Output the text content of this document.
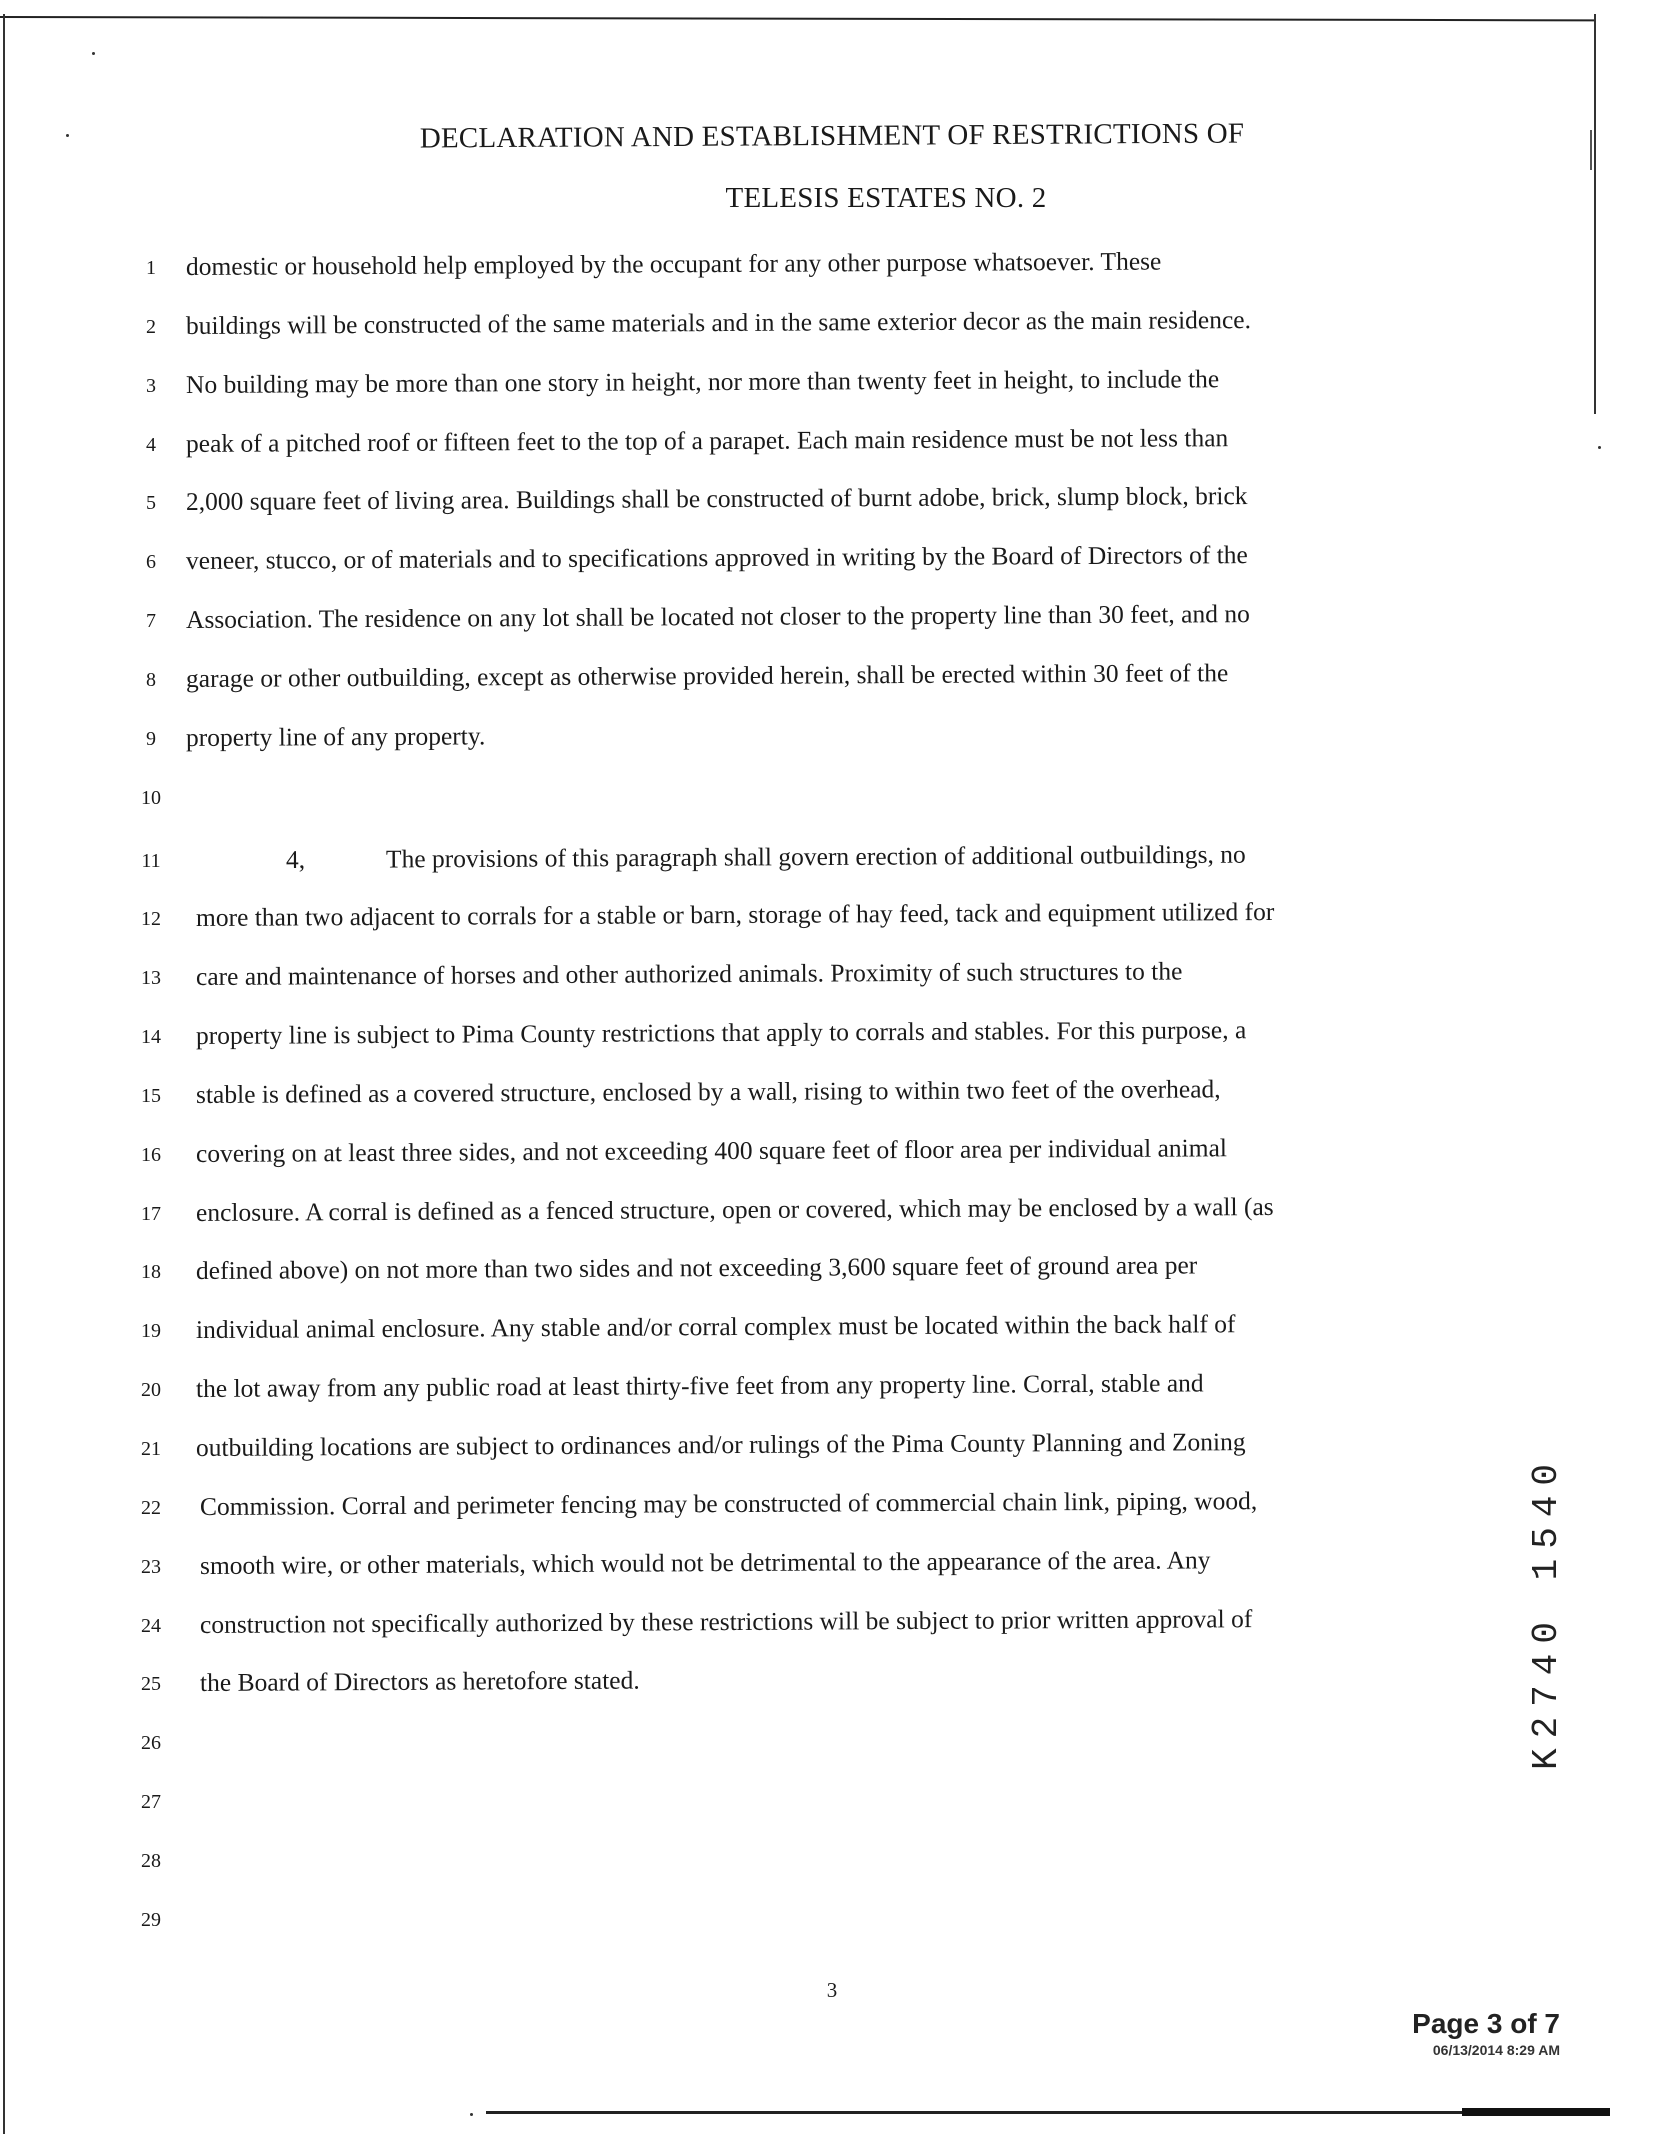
DECLARATION AND ESTABLISHMENT OF RESTRICTIONS OF
TELESIS ESTATES NO. 2
1	domestic or household help employed by the occupant for any other purpose whatsoever. These
2	buildings will be constructed of the same materials and in the same exterior decor as the main residence.
3	No building may be more than one story in height, nor more than twenty feet in height, to include the
4	peak of a pitched roof or fifteen feet to the top of a parapet. Each main residence must be not less than
5	2,000 square feet of living area. Buildings shall be constructed of burnt adobe, brick, slump block, brick
6	veneer, stucco, or of materials and to specifications approved in writing by the Board of Directors of the
7	Association. The residence on any lot shall be located not closer to the property line than 30 feet, and no
8	garage or other outbuilding, except as otherwise provided herein, shall be erected within 30 feet of the
9	property line of any property.
10
11	4,	The provisions of this paragraph shall govern erection of additional outbuildings, no
12 more than two adjacent to corrals for a stable or barn, storage of hay feed, tack and equipment utilized for
13 care and maintenance of horses and other authorized animals. Proximity of such structures to the
14 property line is subject to Pima County restrictions that apply to corrals and stables. For this purpose, a
15 stable is defined as a covered structure, enclosed by a wall, rising to within two feet of the overhead,
16 covering on at least three sides, and not exceeding 400 square feet of floor area per individual animal
17 enclosure. A corral is defined as a fenced structure, open or covered, which may be enclosed by a wall (as
18 defined above) on not more than two sides and not exceeding 3,600 square feet of ground area per
19 individual animal enclosure. Any stable and/or corral complex must be located within the back half of
20 the lot away from any public road at least thirty-five feet from any property line. Corral, stable and
21 outbuilding locations are subject to ordinances and/or rulings of the Pima County Planning and Zoning
22 Commission. Corral and perimeter fencing may be constructed of commercial chain link, piping, wood,
23 smooth wire, or other materials, which would not be detrimental to the appearance of the area. Any
24 construction not specifically authorized by these restrictions will be subject to prior written approval of
25 the Board of Directors as heretofore stated.
26
27
28
29
3
Page 3 of 7
06/13/2014 8:29 AM
K2740 1540
